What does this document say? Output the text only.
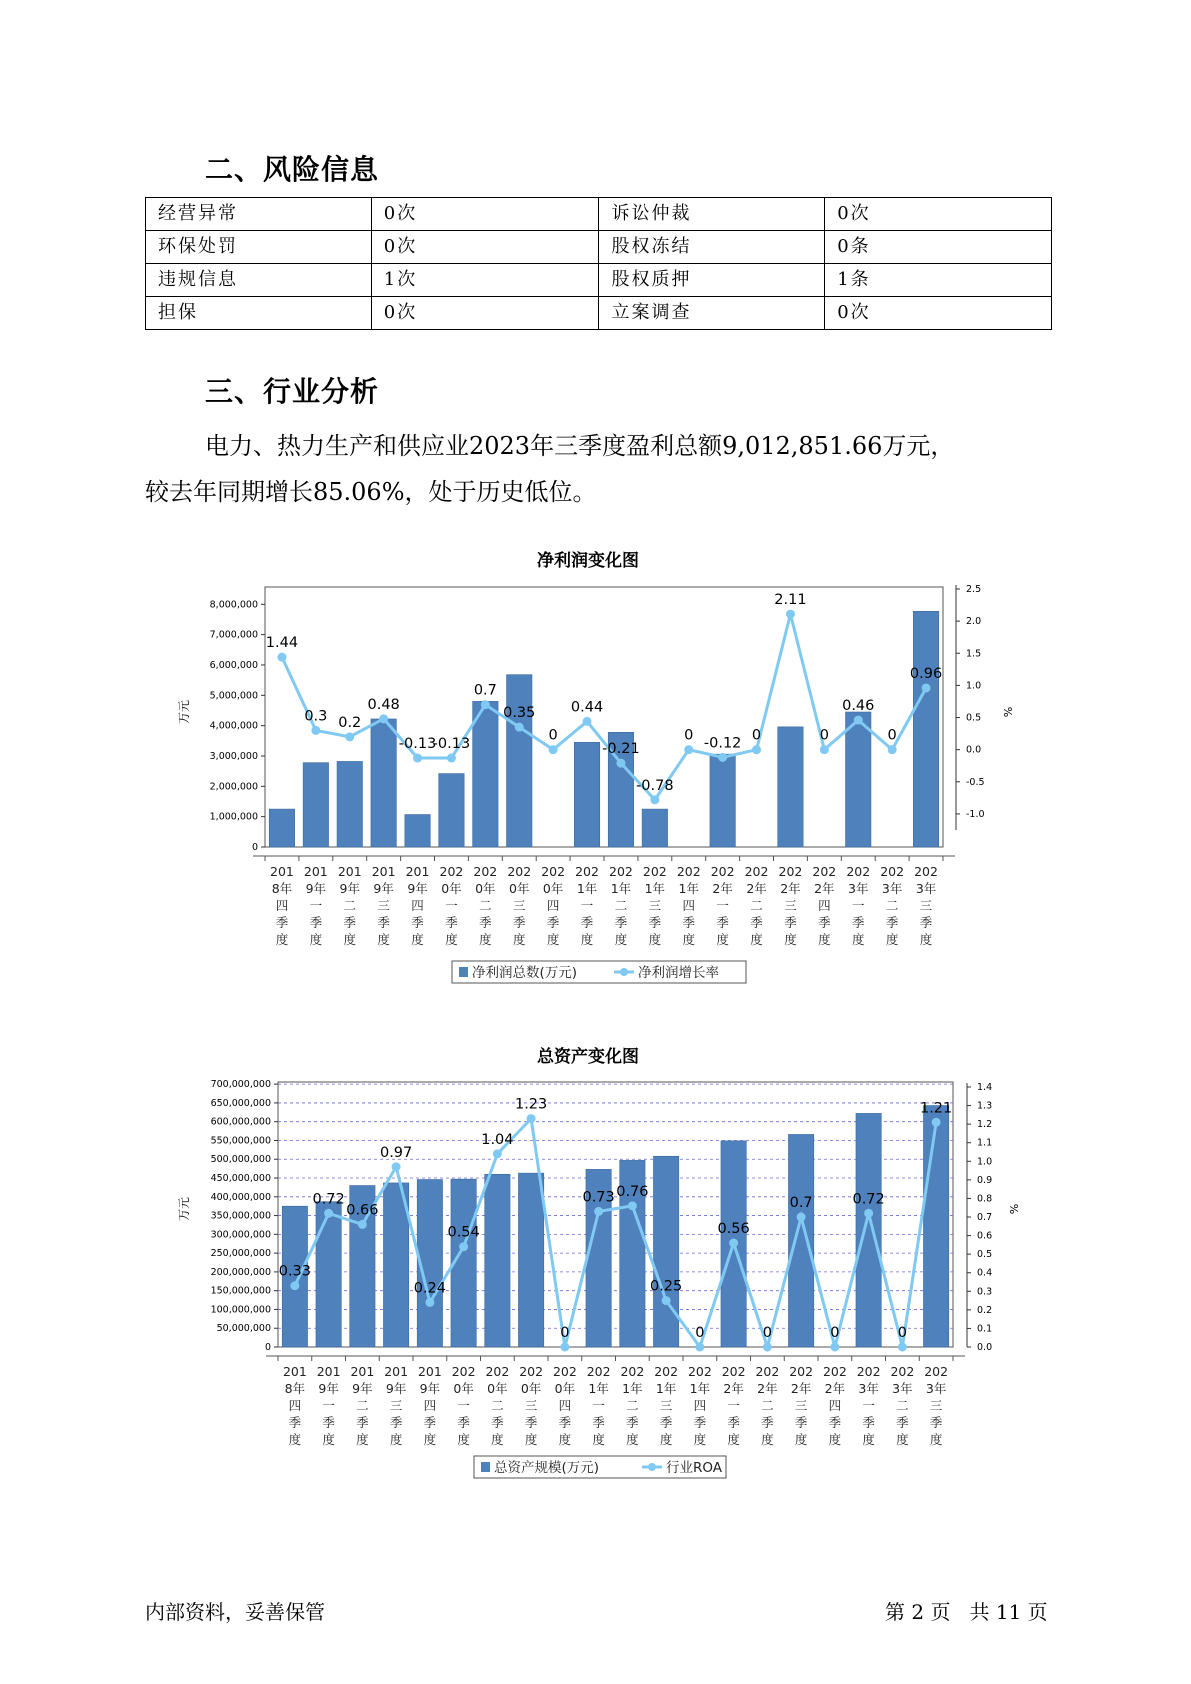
二、风险信息
经营异常	0次	诉讼仲裁	0次
环保处罚	0次	股权冻结	0条
违规信息	1次	股权质押	1条
担保	0次	立案调查	0次
三、行业分析
电力、热力生产和供应业2023年三季度盈利总额9,012,851.66万元，
较去年同期增长85.06%，处于历史低位。
净利润变化图
0
1,000,000
2,000,000
3,000,000
4,000,000
5,000,000
6,000,000
7,000,000
8,000,000
-1.0
-0.5
0.0
0.5
1.0
1.5
2.0
2.5
万元	%
201
8年
四
季
度
201
9年
一
季
度
201
9年
二
季
度
201
9年
三
季
度
201
9年
四
季
度
202
0年
一
季
度
202
0年
二
季
度
202
0年
三
季
度
202
0年
四
季
度
202
1年
一
季
度
202
1年
二
季
度
202
1年
三
季
度
202
1年
四
季
度
202
2年
一
季
度
202
2年
二
季
度
202
2年
三
季
度
202
2年
四
季
度
202
3年
一
季
度
202
3年
二
季
度
202
3年
三
季
度
1.44
0.3 0.2
0.48
-0.13
-0.13
0.7
0.35
0
0.44
-0.21
-0.78
0 -0.12 0
2.11
0
0.46
0
0.96
净利润总数(万元)	净利润增长率
总资产变化图
0
50,000,000
100,000,000
150,000,000
200,000,000
250,000,000
300,000,000
350,000,000
400,000,000
450,000,000
500,000,000
550,000,000
600,000,000
650,000,000
700,000,000
0.0
0.1
0.2
0.3
0.4
0.5
0.6
0.7
0.8
0.9
1.0
1.1
1.2
1.3
1.4
万元	%
201
8年
四
季
度
201
9年
一
季
度
201
9年
二
季
度
201
9年
三
季
度
201
9年
四
季
度
202
0年
一
季
度
202
0年
二
季
度
202
0年
三
季
度
202
0年
四
季
度
202
1年
一
季
度
202
1年
二
季
度
202
1年
三
季
度
202
1年
四
季
度
202
2年
一
季
度
202
2年
二
季
度
202
2年
三
季
度
202
2年
四
季
度
202
3年
一
季
度
202
3年
二
季
度
202
3年
三
季
度
0.33
0.72
0.66
0.97
0.24
0.54
1.04
1.23
0
0.73 0.76
0.25
0
0.56
0
0.7
0
0.72
0
1.21
总资产规模(万元)	行业ROA
内部资料，妥善保管	第 2 页   共 11 页
